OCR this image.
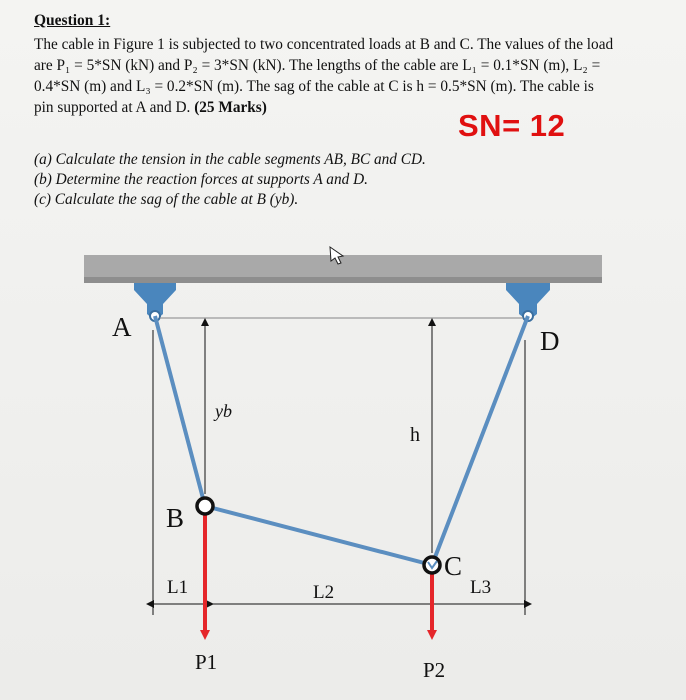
Question 1:
The cable in Figure 1 is subjected to two concentrated loads at B and C. The values of the load
are P₁ = 5*SN (kN) and P₂ = 3*SN (kN). The lengths of the cable are L₁ = 0.1*SN (m), L₂ =
0.4*SN (m) and L₃ = 0.2*SN (m). The sag of the cable at C is h = 0.5*SN (m). The cable is
pin supported at A and D. (25 Marks)
SN= 12
(a) Calculate the tension in the cable segments AB, BC and CD.
(b) Determine the reaction forces at supports A and D.
(c) Calculate the sag of the cable at B (yb).
A	D
B
C
yb
h
L1	L2	L3
P1	P2
